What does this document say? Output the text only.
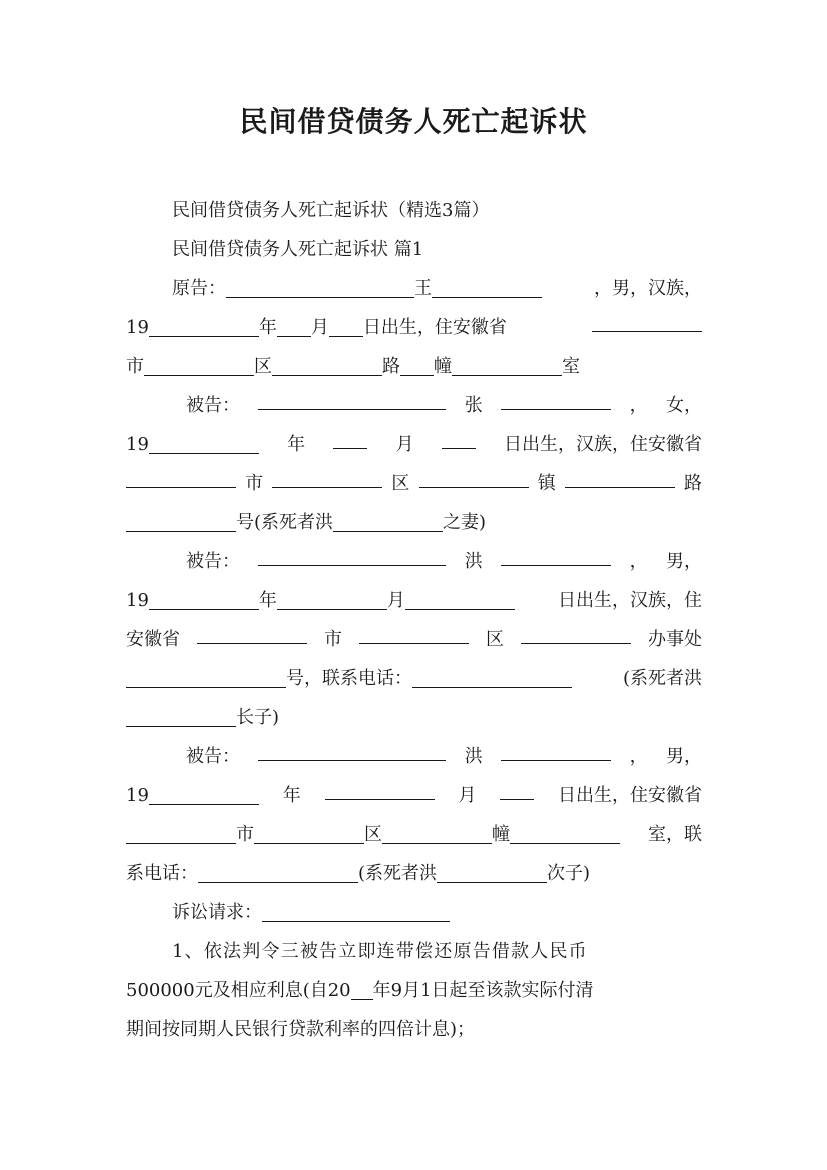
民间借贷债务人死亡起诉状
民间借贷债务人死亡起诉状（精选3篇）
民间借贷债务人死亡起诉状 篇1
原告：	王	，男，汉族，
19	年 月 日出生，住安徽省
市	区	路 幢	室
被告：	张	， 女，
19	年	月	日出生，汉族，住安徽省
市	区	镇	路
号(系死者洪	之妻)
被告：	洪	， 男，
19	年	月	日出生，汉族，住
安徽省	市	区	办事处
号，联系电话：	(系死者洪
长子)
被告：	洪	， 男，
19	年	月	日出生，住安徽省
市	区	幢	室，联
系电话：	(系死者洪	次子)
诉讼请求：
1、依法判令三被告立即连带偿还原告借款人民币
500000元及相应利息(自20 年9月1日起至该款实际付清
期间按同期人民银行贷款利率的四倍计息)；
